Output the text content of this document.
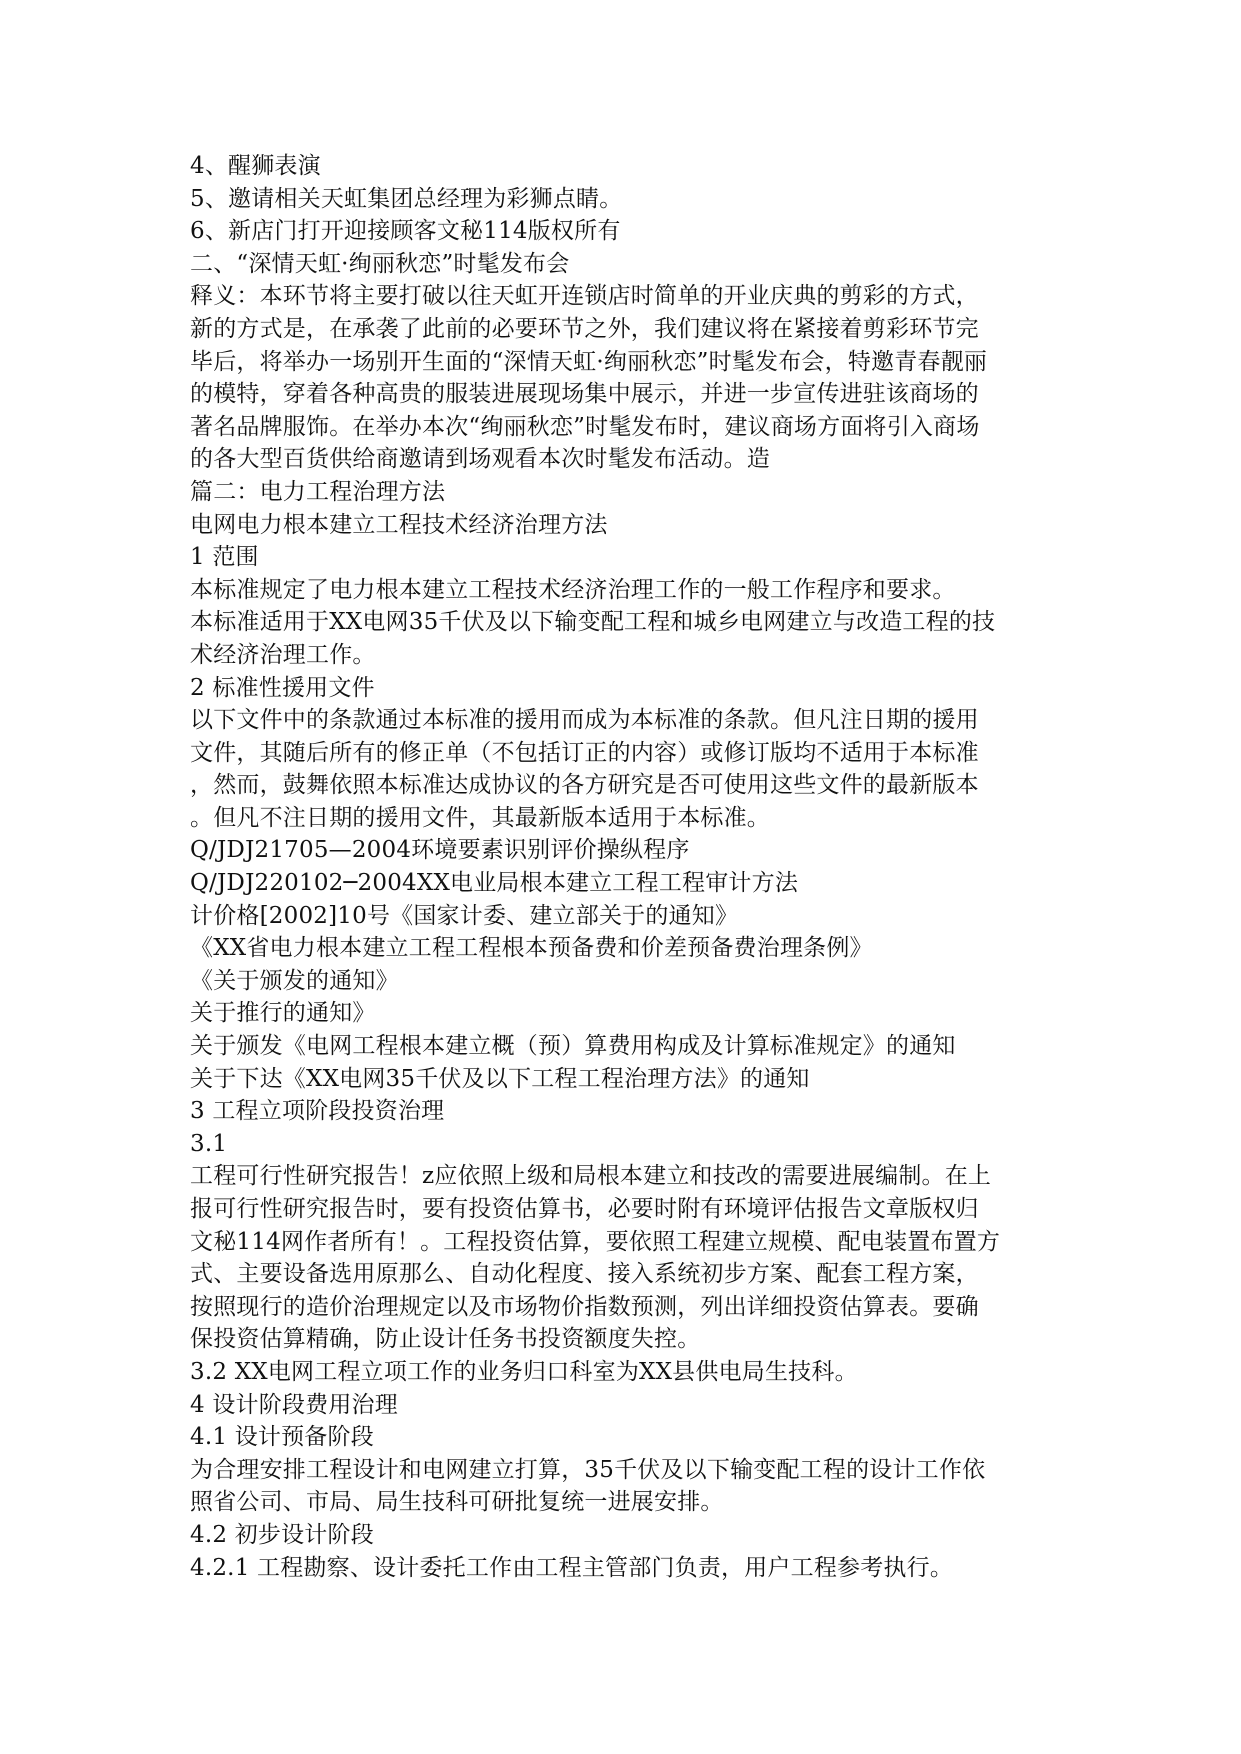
4、醒狮表演
5、邀请相关天虹集团总经理为彩狮点睛。
6、新店门打开迎接顾客文秘114版权所有
二、“深情天虹·绚丽秋恋”时髦发布会
释义：本环节将主要打破以往天虹开连锁店时简单的开业庆典的剪彩的方式，
新的方式是，在承袭了此前的必要环节之外，我们建议将在紧接着剪彩环节完
毕后，将举办一场别开生面的“深情天虹·绚丽秋恋”时髦发布会，特邀青春靓丽
的模特，穿着各种高贵的服装进展现场集中展示，并进一步宣传进驻该商场的
著名品牌服饰。在举办本次“绚丽秋恋”时髦发布时，建议商场方面将引入商场
的各大型百货供给商邀请到场观看本次时髦发布活动。造
篇二：电力工程治理方法
电网电力根本建立工程技术经济治理方法
1 范围
本标准规定了电力根本建立工程技术经济治理工作的一般工作程序和要求。
本标准适用于XX电网35千伏及以下输变配工程和城乡电网建立与改造工程的技
术经济治理工作。
2 标准性援用文件
以下文件中的条款通过本标准的援用而成为本标准的条款。但凡注日期的援用
文件，其随后所有的修正单（不包括订正的内容）或修订版均不适用于本标准
，然而，鼓舞依照本标准达成协议的各方研究是否可使用这些文件的最新版本
。但凡不注日期的援用文件，其最新版本适用于本标准。
Q/JDJ21705—2004环境要素识别评价操纵程序
Q/JDJ220102─2004XX电业局根本建立工程工程审计方法
计价格[2002]10号《国家计委、建立部关于的通知》
《XX省电力根本建立工程工程根本预备费和价差预备费治理条例》
《关于颁发的通知》
关于推行的通知》
关于颁发《电网工程根本建立概（预）算费用构成及计算标准规定》的通知
关于下达《XX电网35千伏及以下工程工程治理方法》的通知
3 工程立项阶段投资治理
3.1
工程可行性研究报告！z应依照上级和局根本建立和技改的需要进展编制。在上
报可行性研究报告时，要有投资估算书，必要时附有环境评估报告文章版权归
文秘114网作者所有！。工程投资估算，要依照工程建立规模、配电装置布置方
式、主要设备选用原那么、自动化程度、接入系统初步方案、配套工程方案，
按照现行的造价治理规定以及市场物价指数预测，列出详细投资估算表。要确
保投资估算精确，防止设计任务书投资额度失控。
3.2 XX电网工程立项工作的业务归口科室为XX县供电局生技科。
4 设计阶段费用治理
4.1 设计预备阶段
为合理安排工程设计和电网建立打算，35千伏及以下输变配工程的设计工作依
照省公司、市局、局生技科可研批复统一进展安排。
4.2 初步设计阶段
4.2.1 工程勘察、设计委托工作由工程主管部门负责，用户工程参考执行。
